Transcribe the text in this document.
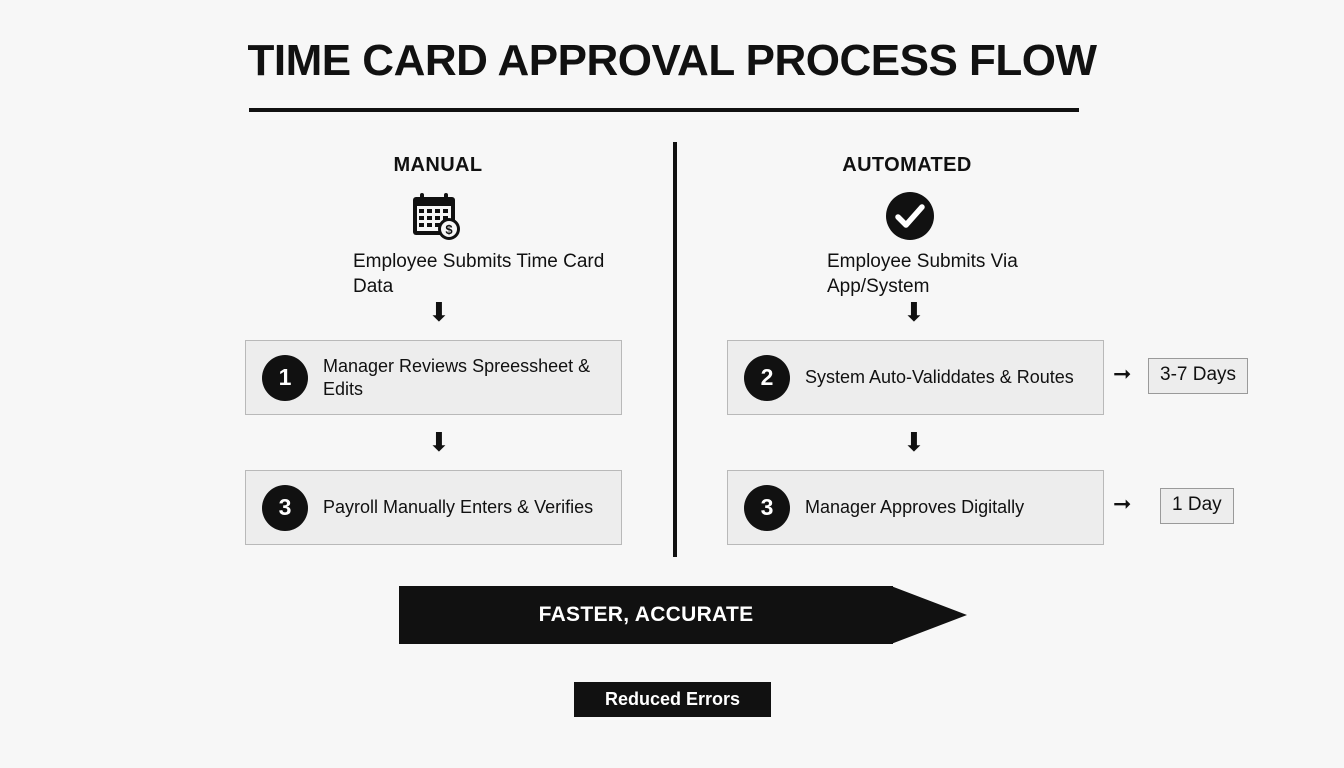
TIME CARD APPROVAL PROCESS FLOW
MANUAL
$
Employee Submits Time Card Data
⬇
1	Manager Reviews Spreessheet & Edits
⬇
3	Payroll Manually Enters & Verifies
AUTOMATED
Employee Submits Via App/System
⬇
2	System Auto-Validdates & Routes
⬇
3	Manager Approves Digitally
➞	3-7 Days
➞	1 Day
FASTER, ACCURATE
Reduced Errors
